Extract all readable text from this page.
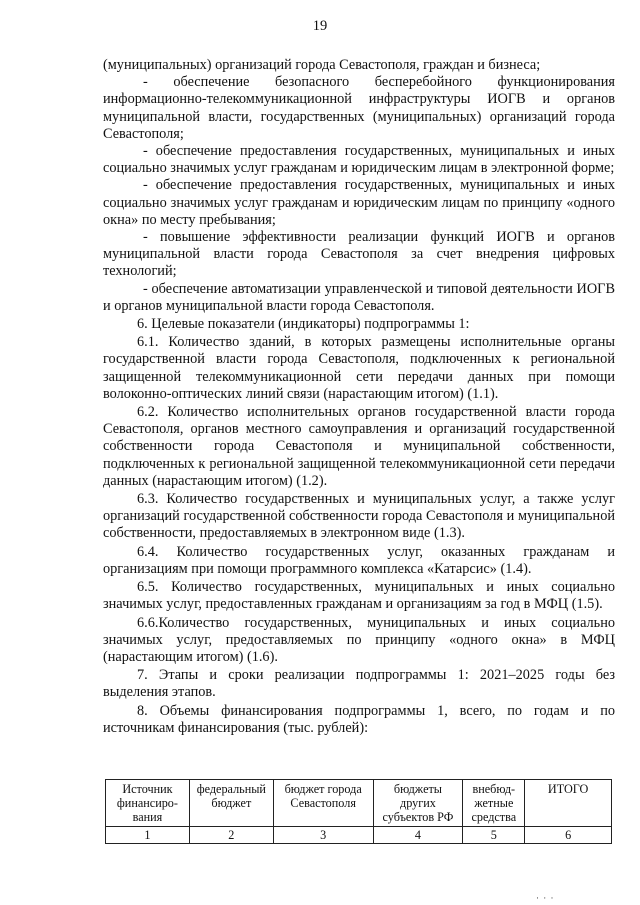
19

(муниципальных) организаций города Севастополя, граждан и бизнеса;

- обеспечение безопасного бесперебойного функционирования информационно-телекоммуникационной инфраструктуры ИОГВ и органов муниципальной власти, государственных (муниципальных) организаций города Севастополя;

- обеспечение предоставления государственных, муниципальных и иных социально значимых услуг гражданам и юридическим лицам в электронной форме;

- обеспечение предоставления государственных, муниципальных и иных социально значимых услуг гражданам и юридическим лицам по принципу «одного окна» по месту пребывания;

- повышение эффективности реализации функций ИОГВ и органов муниципальной власти города Севастополя за счет внедрения цифровых технологий;

- обеспечение автоматизации управленческой и типовой деятельности ИОГВ и органов муниципальной власти города Севастополя.

6. Целевые показатели (индикаторы) подпрограммы 1:

6.1. Количество зданий, в которых размещены исполнительные органы государственной власти города Севастополя, подключенных к региональной защищенной телекоммуникационной сети передачи данных при помощи волоконно-оптических линий связи (нарастающим итогом) (1.1).

6.2. Количество исполнительных органов государственной власти города Севастополя, органов местного самоуправления и организаций государственной собственности города Севастополя и муниципальной собственности, подключенных к региональной защищенной телекоммуникационной сети передачи данных (нарастающим итогом) (1.2).

6.3. Количество государственных и муниципальных услуг, а также услуг организаций государственной собственности города Севастополя и муниципальной собственности, предоставляемых в электронном виде (1.3).

6.4. Количество государственных услуг, оказанных гражданам и организациям при помощи программного комплекса «Катарсис» (1.4).

6.5. Количество государственных, муниципальных и иных социально значимых услуг, предоставленных гражданам и организациям за год в МФЦ (1.5).

6.6.Количество государственных, муниципальных и иных социально значимых услуг, предоставляемых по принципу «одного окна» в МФЦ (нарастающим итогом) (1.6).

7. Этапы и сроки реализации подпрограммы 1: 2021–2025 годы без выделения этапов.

8. Объемы финансирования подпрограммы 1, всего, по годам и по источникам финансирования (тыс. рублей):

Источник финансиро-вания	федеральный бюджет	бюджет города Севастополя	бюджеты других субъектов РФ	внебюд-жетные средства	ИТОГО
1	2	3	4	5	6
· · ·
